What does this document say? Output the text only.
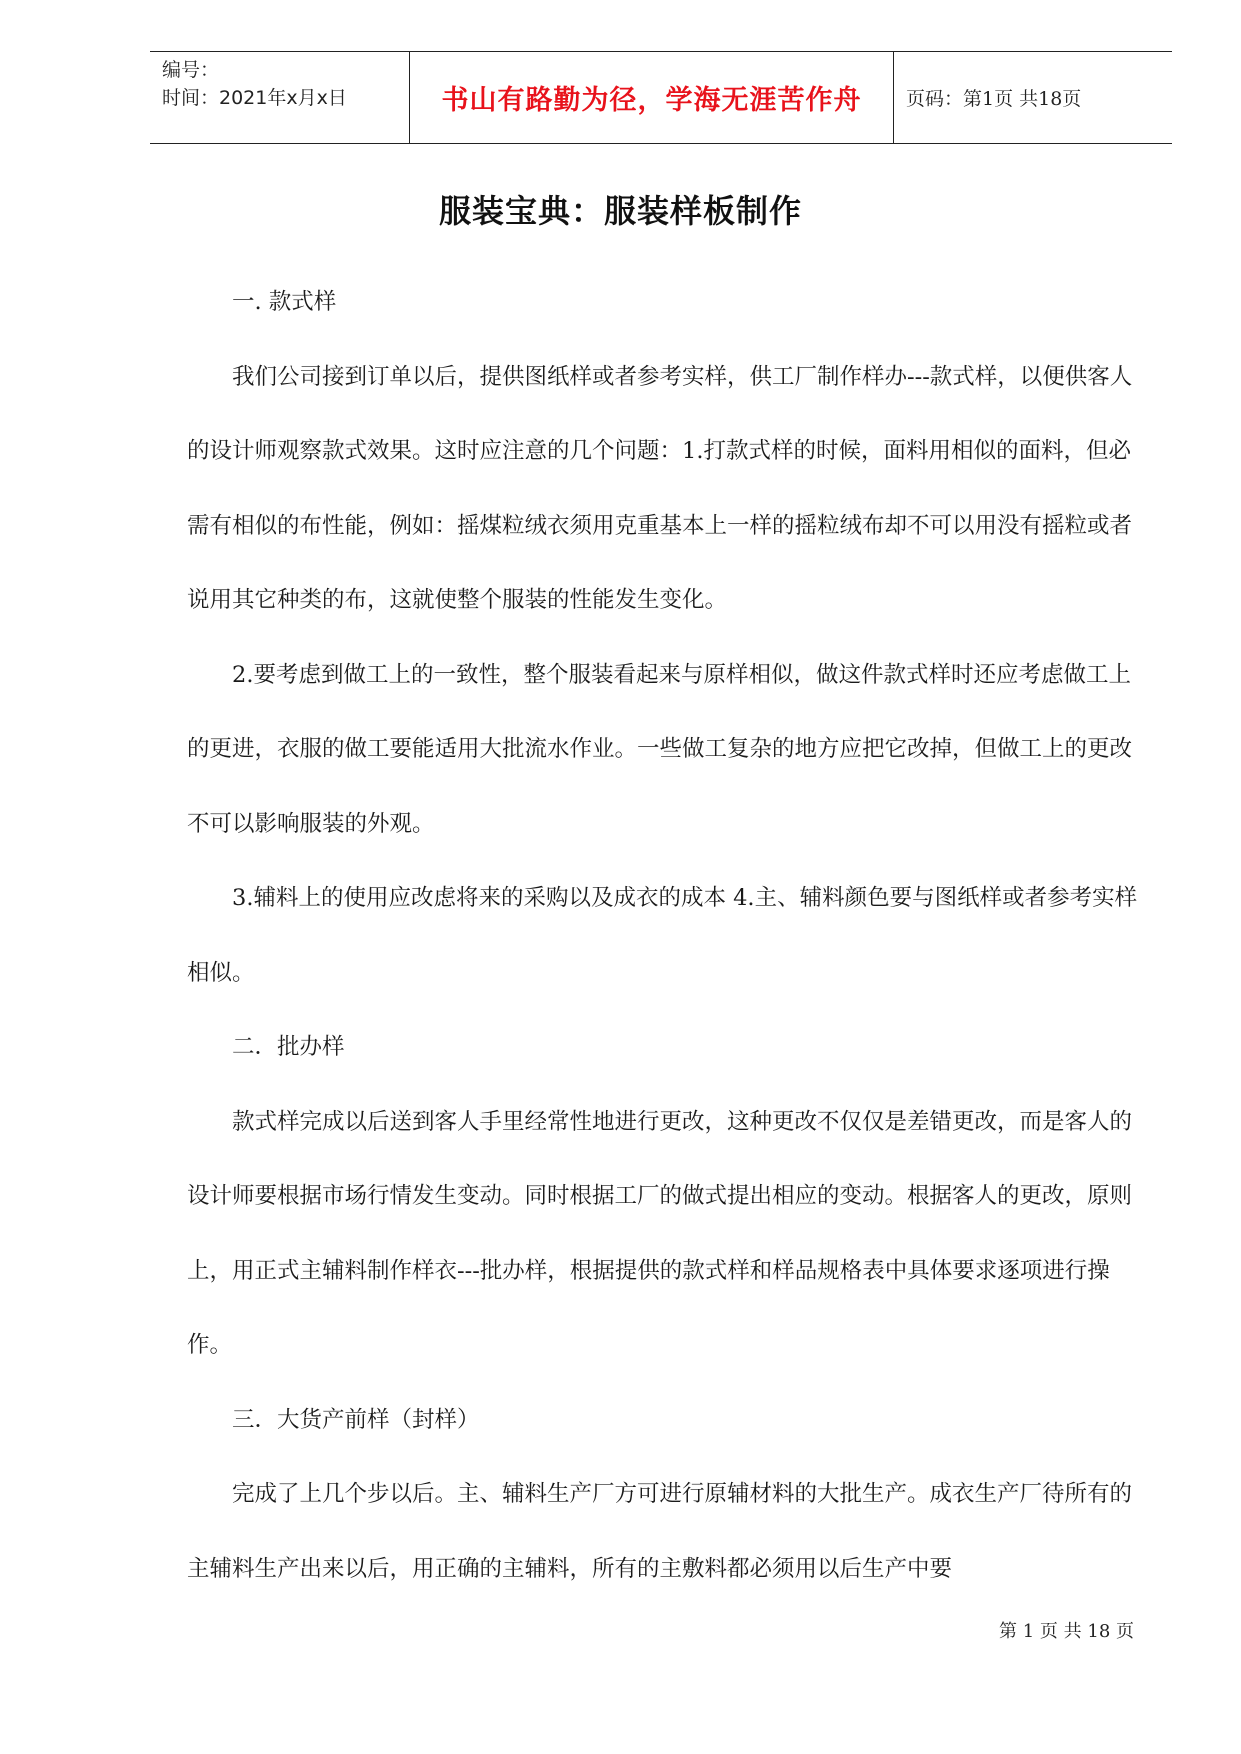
编号：
时间：2021年x月x日	书山有路勤为径，学海无涯苦作舟 页码：第1页 共18页
服装宝典：服装样板制作

一. 款式样

我们公司接到订单以后，提供图纸样或者参考实样，供工厂制作样办---款式样，以便供客人的设计师观察款式效果。这时应注意的几个问题：1.打款式样的时候，面料用相似的面料，但必需有相似的布性能，例如：摇煤粒绒衣须用克重基本上一样的摇粒绒布却不可以用没有摇粒或者说用其它种类的布，这就使整个服装的性能发生变化。

2.要考虑到做工上的一致性，整个服装看起来与原样相似，做这件款式样时还应考虑做工上的更进，衣服的做工要能适用大批流水作业。一些做工复杂的地方应把它改掉，但做工上的更改不可以影响服装的外观。

3.辅料上的使用应改虑将来的采购以及成衣的成本 4.主、辅料颜色要与图纸样或者参考实样相似。

二．批办样

款式样完成以后送到客人手里经常性地进行更改，这种更改不仅仅是差错更改，而是客人的设计师要根据市场行情发生变动。同时根据工厂的做式提出相应的变动。根据客人的更改，原则上，用正式主辅料制作样衣---批办样，根据提供的款式样和样品规格表中具体要求逐项进行操作。

三．大货产前样（封样）

完成了上几个步以后。主、辅料生产厂方可进行原辅材料的大批生产。成衣生产厂待所有的主辅料生产出来以后，用正确的主辅料，所有的主敷料都必须用以后生产中要

第 1 页 共 18 页
